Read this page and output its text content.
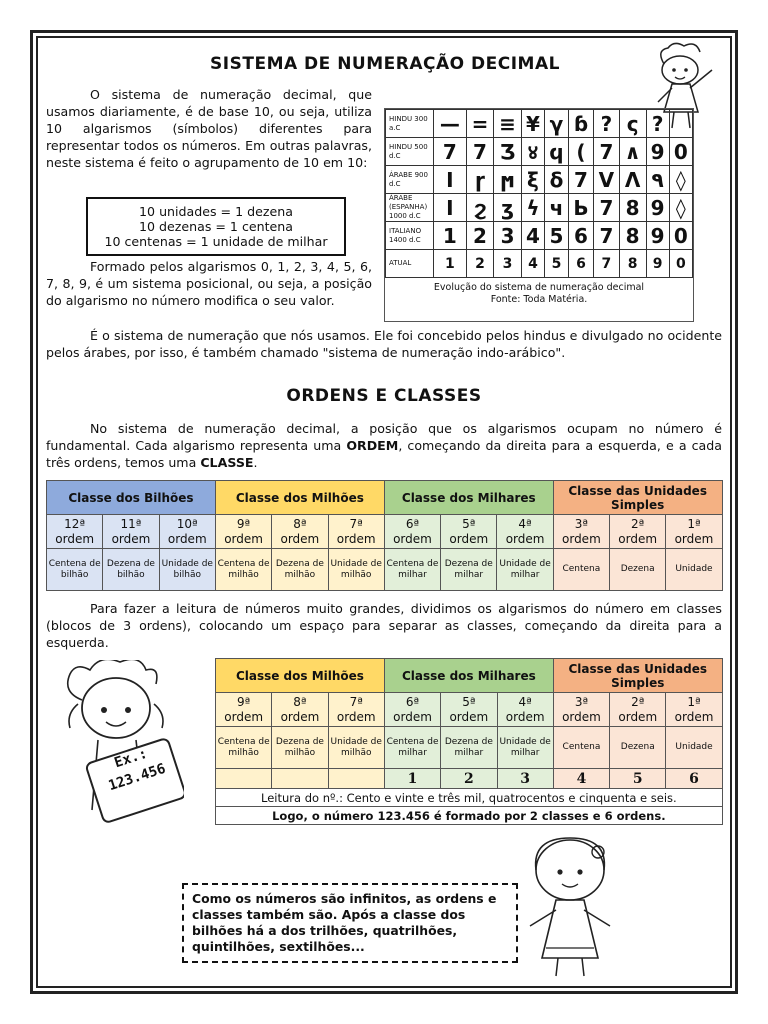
SISTEMA DE NUMERAÇÃO DECIMAL

O sistema de numeração decimal, que usamos diariamente, é de base 10, ou seja, utiliza 10 algarismos (símbolos) diferentes para representar todos os números. Em outras palavras, neste sistema é feito o agrupamento de 10 em 10:

10 unidades = 1 dezena
10 dezenas = 1 centena
10 centenas = 1 unidade de milhar

Formado pelos algarismos 0, 1, 2, 3, 4, 5, 6, 7, 8, 9, é um sistema posicional, ou seja, a posição do algarismo no número modifica o seu valor.

HINDU 300 a.C	—	=	≡	¥	γ	ɓ	?	ς	?	
HINDU 500 d.C	7	7	Ʒ	४	ϥ	(	7	∧	9	0
ÁRABE 900 d.C	I	ɼ	ϻ	ξ	δ	7	V	Λ	٩	◊
ÁRABE (ESPANHA) 1000 d.C	I	ϩ	ʒ	ϟ	ч	Ь	7	8	9	◊
ITALIANO 1400 d.C	1	2	3	4	5	6	7	8	9	0
ATUAL	1	2	3	4	5	6	7	8	9	0
Evolução do sistema de numeração decimal
Fonte: Toda Matéria.

É o sistema de numeração que nós usamos. Ele foi concebido pelos hindus e divulgado no ocidente pelos árabes, por isso, é também chamado "sistema de numeração indo-arábico".

ORDENS E CLASSES

No sistema de numeração decimal, a posição que os algarismos ocupam no número é fundamental. Cada algarismo representa uma ORDEM, começando da direita para a esquerda, e a cada três ordens, temos uma CLASSE.

Classe dos Bilhões			Classe dos Milhões			Classe dos Milhares			Classe das Unidades Simples		
12ª ordem	11ª ordem	10ª ordem	9ª ordem	8ª ordem	7ª ordem	6ª ordem	5ª ordem	4ª ordem	3ª ordem	2ª ordem	1ª ordem
Centena de bilhão	Dezena de bilhão	Unidade de bilhão	Centena de milhão	Dezena de milhão	Unidade de milhão	Centena de milhar	Dezena de milhar	Unidade de milhar	Centena	Dezena	Unidade

Para fazer a leitura de números muito grandes, dividimos os algarismos do número em classes (blocos de 3 ordens), colocando um espaço para separar as classes, começando da direita para a esquerda.

Ex.: 123.456
Classe dos Milhões			Classe dos Milhares			Classe das Unidades Simples		
9ª ordem	8ª ordem	7ª ordem	6ª ordem	5ª ordem	4ª ordem	3ª ordem	2ª ordem	1ª ordem
Centena de milhão	Dezena de milhão	Unidade de milhão	Centena de milhar	Dezena de milhar	Unidade de milhar	Centena	Dezena	Unidade
			1	2	3	4	5	6
Leitura do nº.: Cento e vinte e três mil, quatrocentos e cinquenta e seis.								
Logo, o número 123.456 é formado por 2 classes e 6 ordens.								
Como os números são infinitos, as ordens e classes também são. Após a classe dos bilhões há a dos trilhões, quatrilhões, quintilhões, sextilhões...
